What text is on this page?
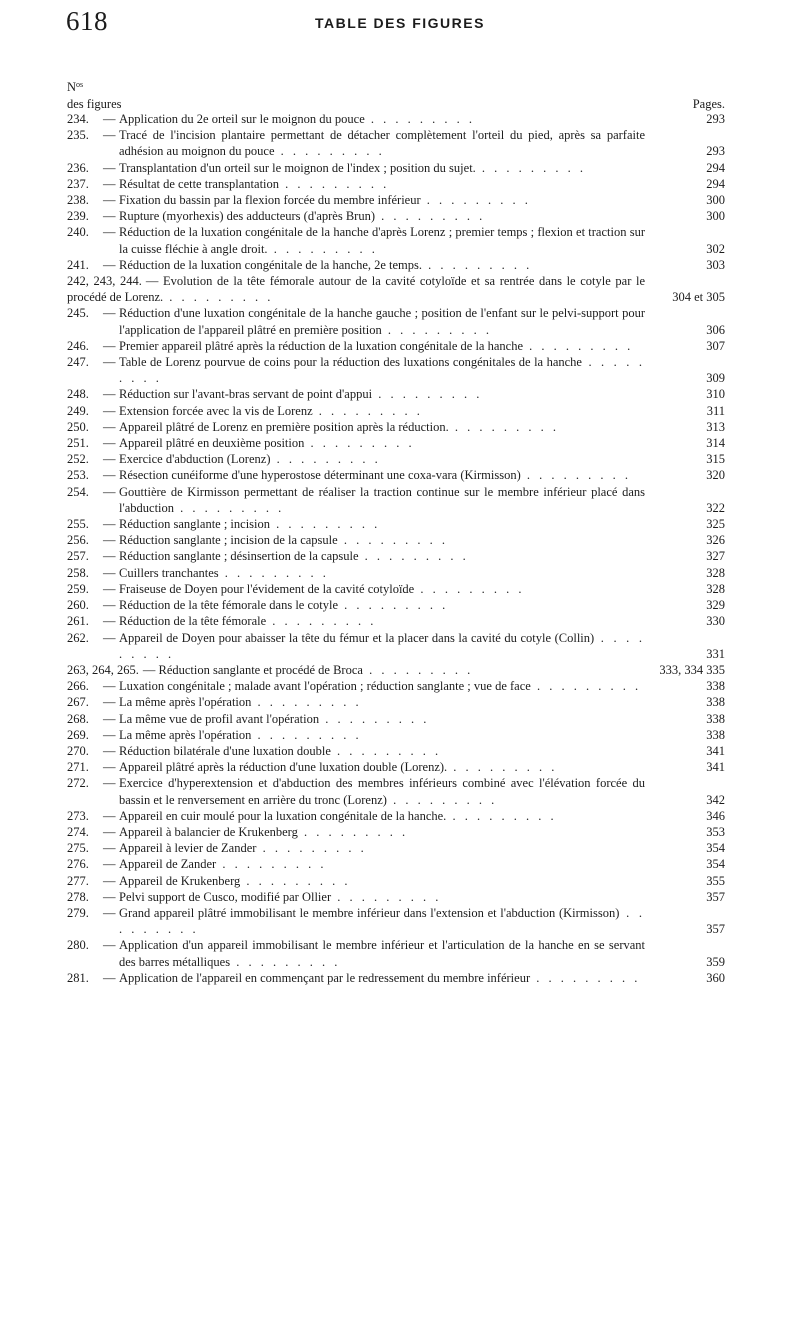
618	TABLE DES FIGURES
$N^{os}$
des figures	Pages.
234. — Application du 2e orteil sur le moignon du pouce . . . . . . . . .	293
235. — Tracé de l'incision plantaire permettant de détacher complètement l'orteil du pied, après sa parfaite adhésion au moignon du pouce . . . . . . . . .	293
236. — Transplantation d'un orteil sur le moignon de l'index ; position du sujet. . . . . . . . . .	294
237. — Résultat de cette transplantation . . . . . . . . .	294
238. — Fixation du bassin par la flexion forcée du membre inférieur . . . . . . . . .	300
239. — Rupture (myorhexis) des adducteurs (d'après Brun) . . . . . . . . .	300
240. — Réduction de la luxation congénitale de la hanche d'après Lorenz ; premier temps ; flexion et traction sur la cuisse fléchie à angle droit. . . . . . . . . .	302
241. — Réduction de la luxation congénitale de la hanche, 2e temps. . . . . . . . . .	303
242, 243, 244. — Evolution de la tête fémorale autour de la cavité cotyloïde et sa rentrée dans le cotyle par le procédé de Lorenz. . . . . . . . . .	304 et 305
245. — Réduction d'une luxation congénitale de la hanche gauche ; position de l'enfant sur le pelvi-support pour l'application de l'appareil plâtré en première position . . . . . . . . .	306
246. — Premier appareil plâtré après la réduction de la luxation congénitale de la hanche . . . . . . . . .	307
247. — Table de Lorenz pourvue de coins pour la réduction des luxations congénitales de la hanche . . . . . . . . .	309
248. — Réduction sur l'avant-bras servant de point d'appui . . . . . . . . .	310
249. — Extension forcée avec la vis de Lorenz . . . . . . . . .	311
250. — Appareil plâtré de Lorenz en première position après la réduction. . . . . . . . . .	313
251. — Appareil plâtré en deuxième position . . . . . . . . .	314
252. — Exercice d'abduction (Lorenz) . . . . . . . . .	315
253. — Résection cunéiforme d'une hyperostose déterminant une coxa-vara (Kirmisson) . . . . . . . . .	320
254. — Gouttière de Kirmisson permettant de réaliser la traction continue sur le membre inférieur placé dans l'abduction . . . . . . . . .	322
255. — Réduction sanglante ; incision . . . . . . . . .	325
256. — Réduction sanglante ; incision de la capsule . . . . . . . . .	326
257. — Réduction sanglante ; désinsertion de la capsule . . . . . . . . .	327
258. — Cuillers tranchantes . . . . . . . . .	328
259. — Fraiseuse de Doyen pour l'évidement de la cavité cotyloïde . . . . . . . . .	328
260. — Réduction de la tête fémorale dans le cotyle . . . . . . . . .	329
261. — Réduction de la tête fémorale . . . . . . . . .	330
262. — Appareil de Doyen pour abaisser la tête du fémur et la placer dans la cavité du cotyle (Collin) . . . . . . . . .	331
263, 264, 265. — Réduction sanglante et procédé de Broca . . . . . . . . .	333, 334 335
266. — Luxation congénitale ; malade avant l'opération ; réduction sanglante ; vue de face . . . . . . . . .	338
267. — La même après l'opération . . . . . . . . .	338
268. — La même vue de profil avant l'opération . . . . . . . . .	338
269. — La même après l'opération . . . . . . . . .	338
270. — Réduction bilatérale d'une luxation double . . . . . . . . .	341
271. — Appareil plâtré après la réduction d'une luxation double (Lorenz). . . . . . . . . .	341
272. — Exercice d'hyperextension et d'abduction des membres inférieurs combiné avec l'élévation forcée du bassin et le renversement en arrière du tronc (Lorenz) . . . . . . . . .	342
273. — Appareil en cuir moulé pour la luxation congénitale de la hanche. . . . . . . . . .	346
274. — Appareil à balancier de Krukenberg . . . . . . . . .	353
275. — Appareil à levier de Zander . . . . . . . . .	354
276. — Appareil de Zander . . . . . . . . .	354
277. — Appareil de Krukenberg . . . . . . . . .	355
278. — Pelvi support de Cusco, modifié par Ollier . . . . . . . . .	357
279. — Grand appareil plâtré immobilisant le membre inférieur dans l'extension et l'abduction (Kirmisson) . . . . . . . . .	357
280. — Application d'un appareil immobilisant le membre inférieur et l'articulation de la hanche en se servant des barres métalliques . . . . . . . . .	359
281. — Application de l'appareil en commençant par le redressement du membre inférieur . . . . . . . . .	360
